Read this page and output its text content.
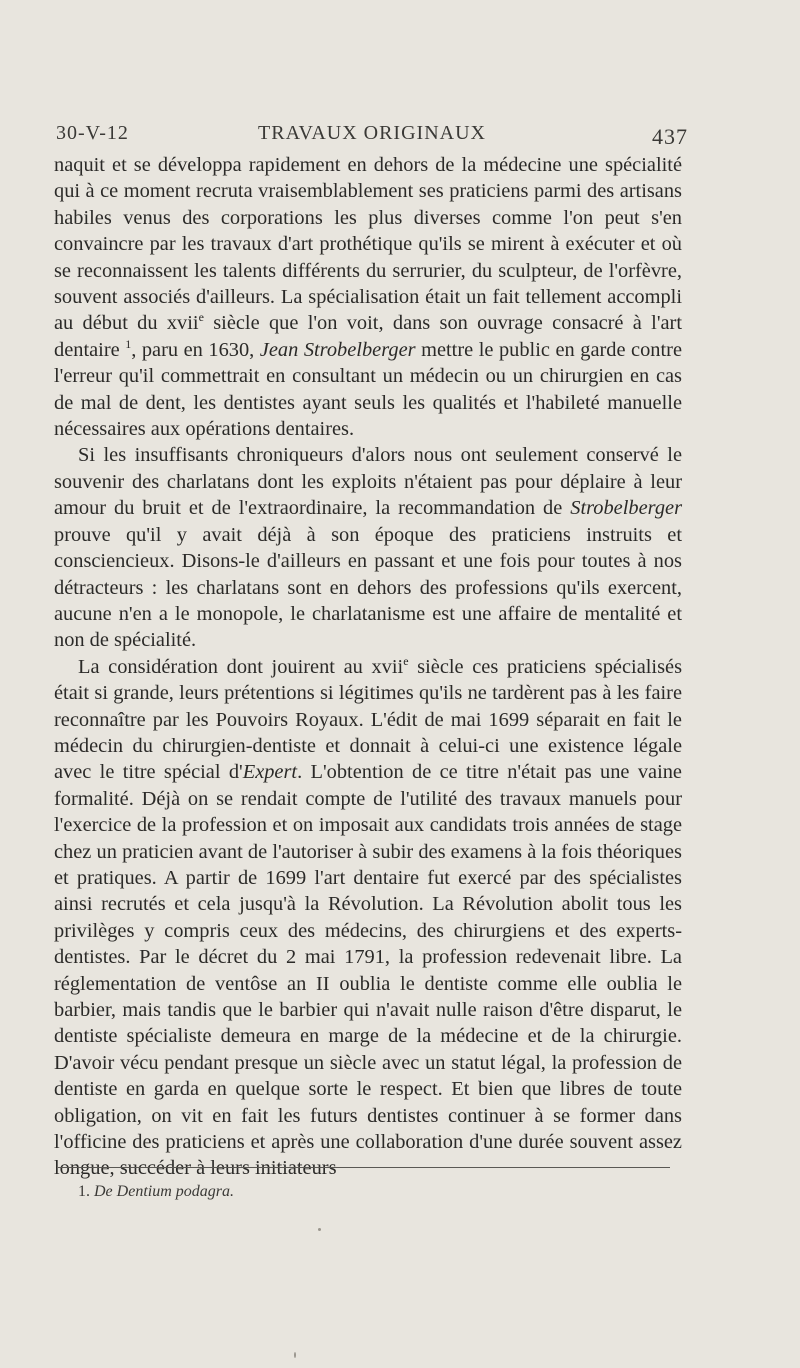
30-V-12	TRAVAUX ORIGINAUX	437

naquit et se développa rapidement en dehors de la médecine une spécialité qui à ce moment recruta vraisemblablement ses praticiens parmi des artisans habiles venus des corporations les plus diverses comme l'on peut s'en convaincre par les travaux d'art prothétique qu'ils se mirent à exécuter et où se reconnaissent les talents différents du serrurier, du sculpteur, de l'orfèvre, souvent associés d'ailleurs. La spécialisation était un fait tellement accompli au début du xvii$^e$ siècle que l'on voit, dans son ouvrage consacré à l'art dentaire $^1$, paru en 1630, Jean Strobelberger mettre le public en garde contre l'erreur qu'il commettrait en consultant un médecin ou un chirurgien en cas de mal de dent, les dentistes ayant seuls les qualités et l'habileté manuelle nécessaires aux opérations dentaires.

Si les insuffisants chroniqueurs d'alors nous ont seulement conservé le souvenir des charlatans dont les exploits n'étaient pas pour déplaire à leur amour du bruit et de l'extraordinaire, la recommandation de Strobelberger prouve qu'il y avait déjà à son époque des praticiens instruits et consciencieux. Disons-le d'ailleurs en passant et une fois pour toutes à nos détracteurs : les charlatans sont en dehors des professions qu'ils exercent, aucune n'en a le monopole, le charlatanisme est une affaire de mentalité et non de spécialité.

La considération dont jouirent au xvii$^e$ siècle ces praticiens spécialisés était si grande, leurs prétentions si légitimes qu'ils ne tardèrent pas à les faire reconnaître par les Pouvoirs Royaux. L'édit de mai 1699 séparait en fait le médecin du chirurgien-dentiste et donnait à celui-ci une existence légale avec le titre spécial d'Expert. L'obtention de ce titre n'était pas une vaine formalité. Déjà on se rendait compte de l'utilité des travaux manuels pour l'exercice de la profession et on imposait aux candidats trois années de stage chez un praticien avant de l'autoriser à subir des examens à la fois théoriques et pratiques. A partir de 1699 l'art dentaire fut exercé par des spécialistes ainsi recrutés et cela jusqu'à la Révolution. La Révolution abolit tous les privilèges y compris ceux des médecins, des chirurgiens et des experts-dentistes. Par le décret du 2 mai 1791, la profession redevenait libre. La réglementation de ventôse an II oublia le dentiste comme elle oublia le barbier, mais tandis que le barbier qui n'avait nulle raison d'être disparut, le dentiste spécialiste demeura en marge de la médecine et de la chirurgie. D'avoir vécu pendant presque un siècle avec un statut légal, la profession de dentiste en garda en quelque sorte le respect. Et bien que libres de toute obligation, on vit en fait les futurs dentistes continuer à se former dans l'officine des praticiens et après une collaboration d'une durée souvent assez longue, succéder à leurs initiateurs

1. De Dentium podagra.
